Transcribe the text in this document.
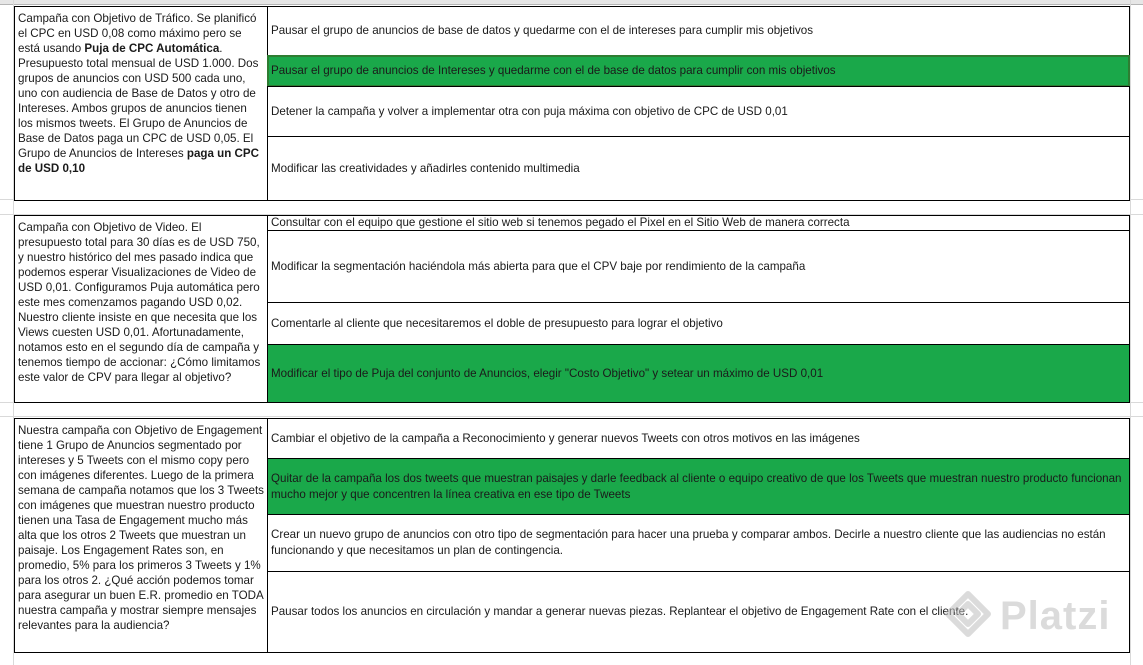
Campaña con Objetivo de Tráfico. Se planificó el CPC en USD 0,08 como máximo pero se está usando Puja de CPC Automática. Presupuesto total mensual de USD 1.000. Dos grupos de anuncios con USD 500 cada uno, uno con audiencia de Base de Datos y otro de Intereses. Ambos grupos de anuncios tienen los mismos tweets. El Grupo de Anuncios de Base de Datos paga un CPC de USD 0,05. El Grupo de Anuncios de Intereses paga un CPC de USD 0,10
Pausar el grupo de anuncios de base de datos y quedarme con el de intereses para cumplir mis objetivos
Pausar el grupo de anuncios de Intereses y quedarme con el de base de datos para cumplir con mis objetivos
Detener la campaña y volver a implementar otra con puja máxima con objetivo de CPC de USD 0,01
Modificar las creatividades y añadirles contenido multimedia
Campaña con Objetivo de Video. El presupuesto total para 30 días es de USD 750, y nuestro histórico del mes pasado indica que podemos esperar Visualizaciones de Video de USD 0,01. Configuramos Puja automática pero este mes comenzamos pagando USD 0,02. Nuestro cliente insiste en que necesita que los Views cuesten USD 0,01. Afortunadamente, notamos esto en el segundo día de campaña y tenemos tiempo de accionar: ¿Cómo limitamos este valor de CPV para llegar al objetivo?
Consultar con el equipo que gestione el sitio web si tenemos pegado el Pixel en el Sitio Web de manera correcta
Modificar la segmentación haciéndola más abierta para que el CPV baje por rendimiento de la campaña
Comentarle al cliente que necesitaremos el doble de presupuesto para lograr el objetivo
Modificar el tipo de Puja del conjunto de Anuncios, elegir "Costo Objetivo" y setear un máximo de USD 0,01
Nuestra campaña con Objetivo de Engagement tiene 1 Grupo de Anuncios segmentado por intereses y 5 Tweets con el mismo copy pero con imágenes diferentes. Luego de la primera semana de campaña notamos que los 3 Tweets con imágenes que muestran nuestro producto tienen una Tasa de Engagement mucho más alta que los otros 2 Tweets que muestran un paisaje. Los Engagement Rates son, en promedio, 5% para los primeros 3 Tweets y 1% para los otros 2. ¿Qué acción podemos tomar para asegurar un buen E.R. promedio en TODA nuestra campaña y mostrar siempre mensajes relevantes para la audiencia?
Cambiar el objetivo de la campaña a Reconocimiento y generar nuevos Tweets con otros motivos en las imágenes
Quitar de la campaña los dos tweets que muestran paisajes y darle feedback al cliente o equipo creativo de que los Tweets que muestran nuestro producto funcionan mucho mejor y que concentren la línea creativa en ese tipo de Tweets
Crear un nuevo grupo de anuncios con otro tipo de segmentación para hacer una prueba y comparar ambos. Decirle a nuestro cliente que las audiencias no están funcionando y que necesitamos un plan de contingencia.
Pausar todos los anuncios en circulación y mandar a generar nuevas piezas. Replantear el objetivo de Engagement Rate con el cliente. Platzi
